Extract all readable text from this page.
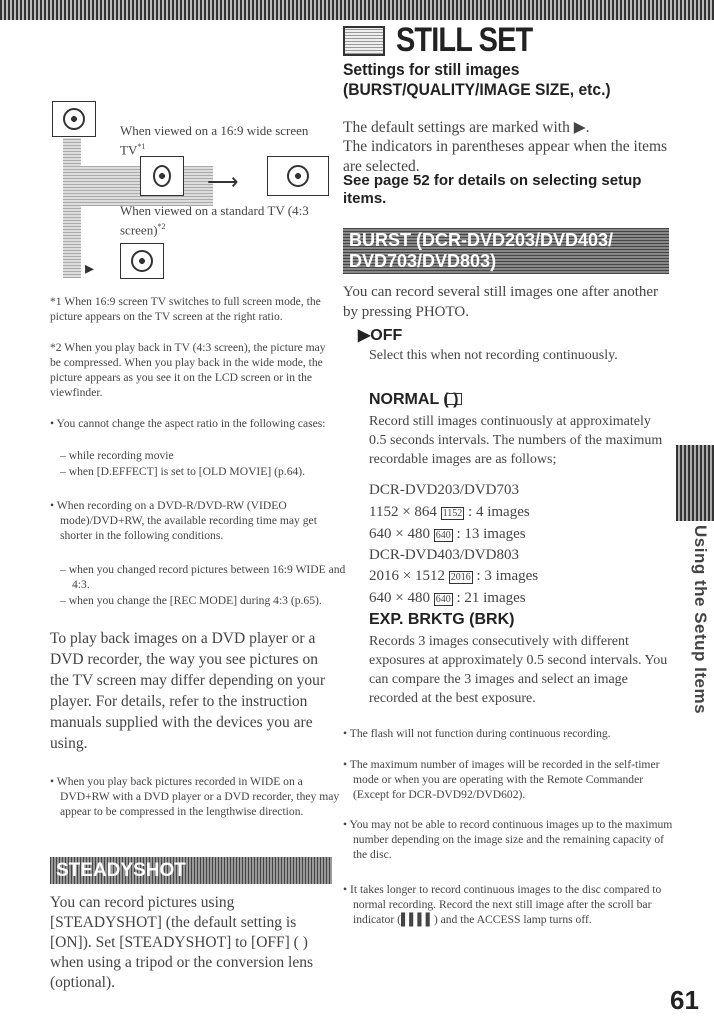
STILL SET
Settings for still images (BURST/QUALITY/IMAGE SIZE, etc.)
When viewed on a 16:9 wide screen TV$^{*1}$
⟶
When viewed on a standard TV (4:3 screen)$^{*2}$
▸
*1 When 16:9 screen TV switches to full screen mode, the picture appears on the TV screen at the right ratio.
*2 When you play back in TV (4:3 screen), the picture may be compressed. When you play back in the wide mode, the picture appears as you see it on the LCD screen or in the viewfinder.
• You cannot change the aspect ratio in the following cases:
– while recording movie
– when [D.EFFECT] is set to [OLD MOVIE] (p.64).
• When recording on a DVD-R/DVD-RW (VIDEO mode)/DVD+RW, the available recording time may get shorter in the following conditions.
– when you changed record pictures between 16:9 WIDE and 4:3.
– when you change the [REC MODE] during 4:3 (p.65).
To play back images on a DVD player or a DVD recorder, the way you see pictures on the TV screen may differ depending on your player. For details, refer to the instruction manuals supplied with the devices you are using.
• When you play back pictures recorded in WIDE on a DVD+RW with a DVD player or a DVD recorder, they may appear to be compressed in the lengthwise direction.
STEADYSHOT
You can record pictures using [STEADYSHOT] (the default setting is [ON]). Set [STEADYSHOT] to [OFF] ( ) when using a tripod or the conversion lens (optional).
The default settings are marked with ▶.
The indicators in parentheses appear when the items are selected.
See page 52 for details on selecting setup items.
BURST (DCR-DVD203/DVD403/ DVD703/DVD803)
You can record several still images one after another by pressing PHOTO.
▶OFF
Select this when not recording continuously.
NORMAL ( )
Record still images continuously at approximately 0.5 seconds intervals. The numbers of the maximum recordable images are as follows;
DCR-DVD203/DVD703
1152 × 864 1152 : 4 images
640 × 480 640 : 13 images
DCR-DVD403/DVD803
2016 × 1512 2016 : 3 images
640 × 480 640 : 21 images
EXP. BRKTG (BRK)
Records 3 images consecutively with different exposures at approximately 0.5 second intervals. You can compare the 3 images and select an image recorded at the best exposure.
• The flash will not function during continuous recording.
• The maximum number of images will be recorded in the self-timer mode or when you are operating with the Remote Commander (Except for DCR-DVD92/DVD602).
• You may not be able to record continuous images up to the maximum number depending on the image size and the remaining capacity of the disc.
• It takes longer to record continuous images to the disc compared to normal recording. Record the next still image after the scroll bar indicator (▌▌▌▌) and the ACCESS lamp turns off.
Using the Setup Items
61
